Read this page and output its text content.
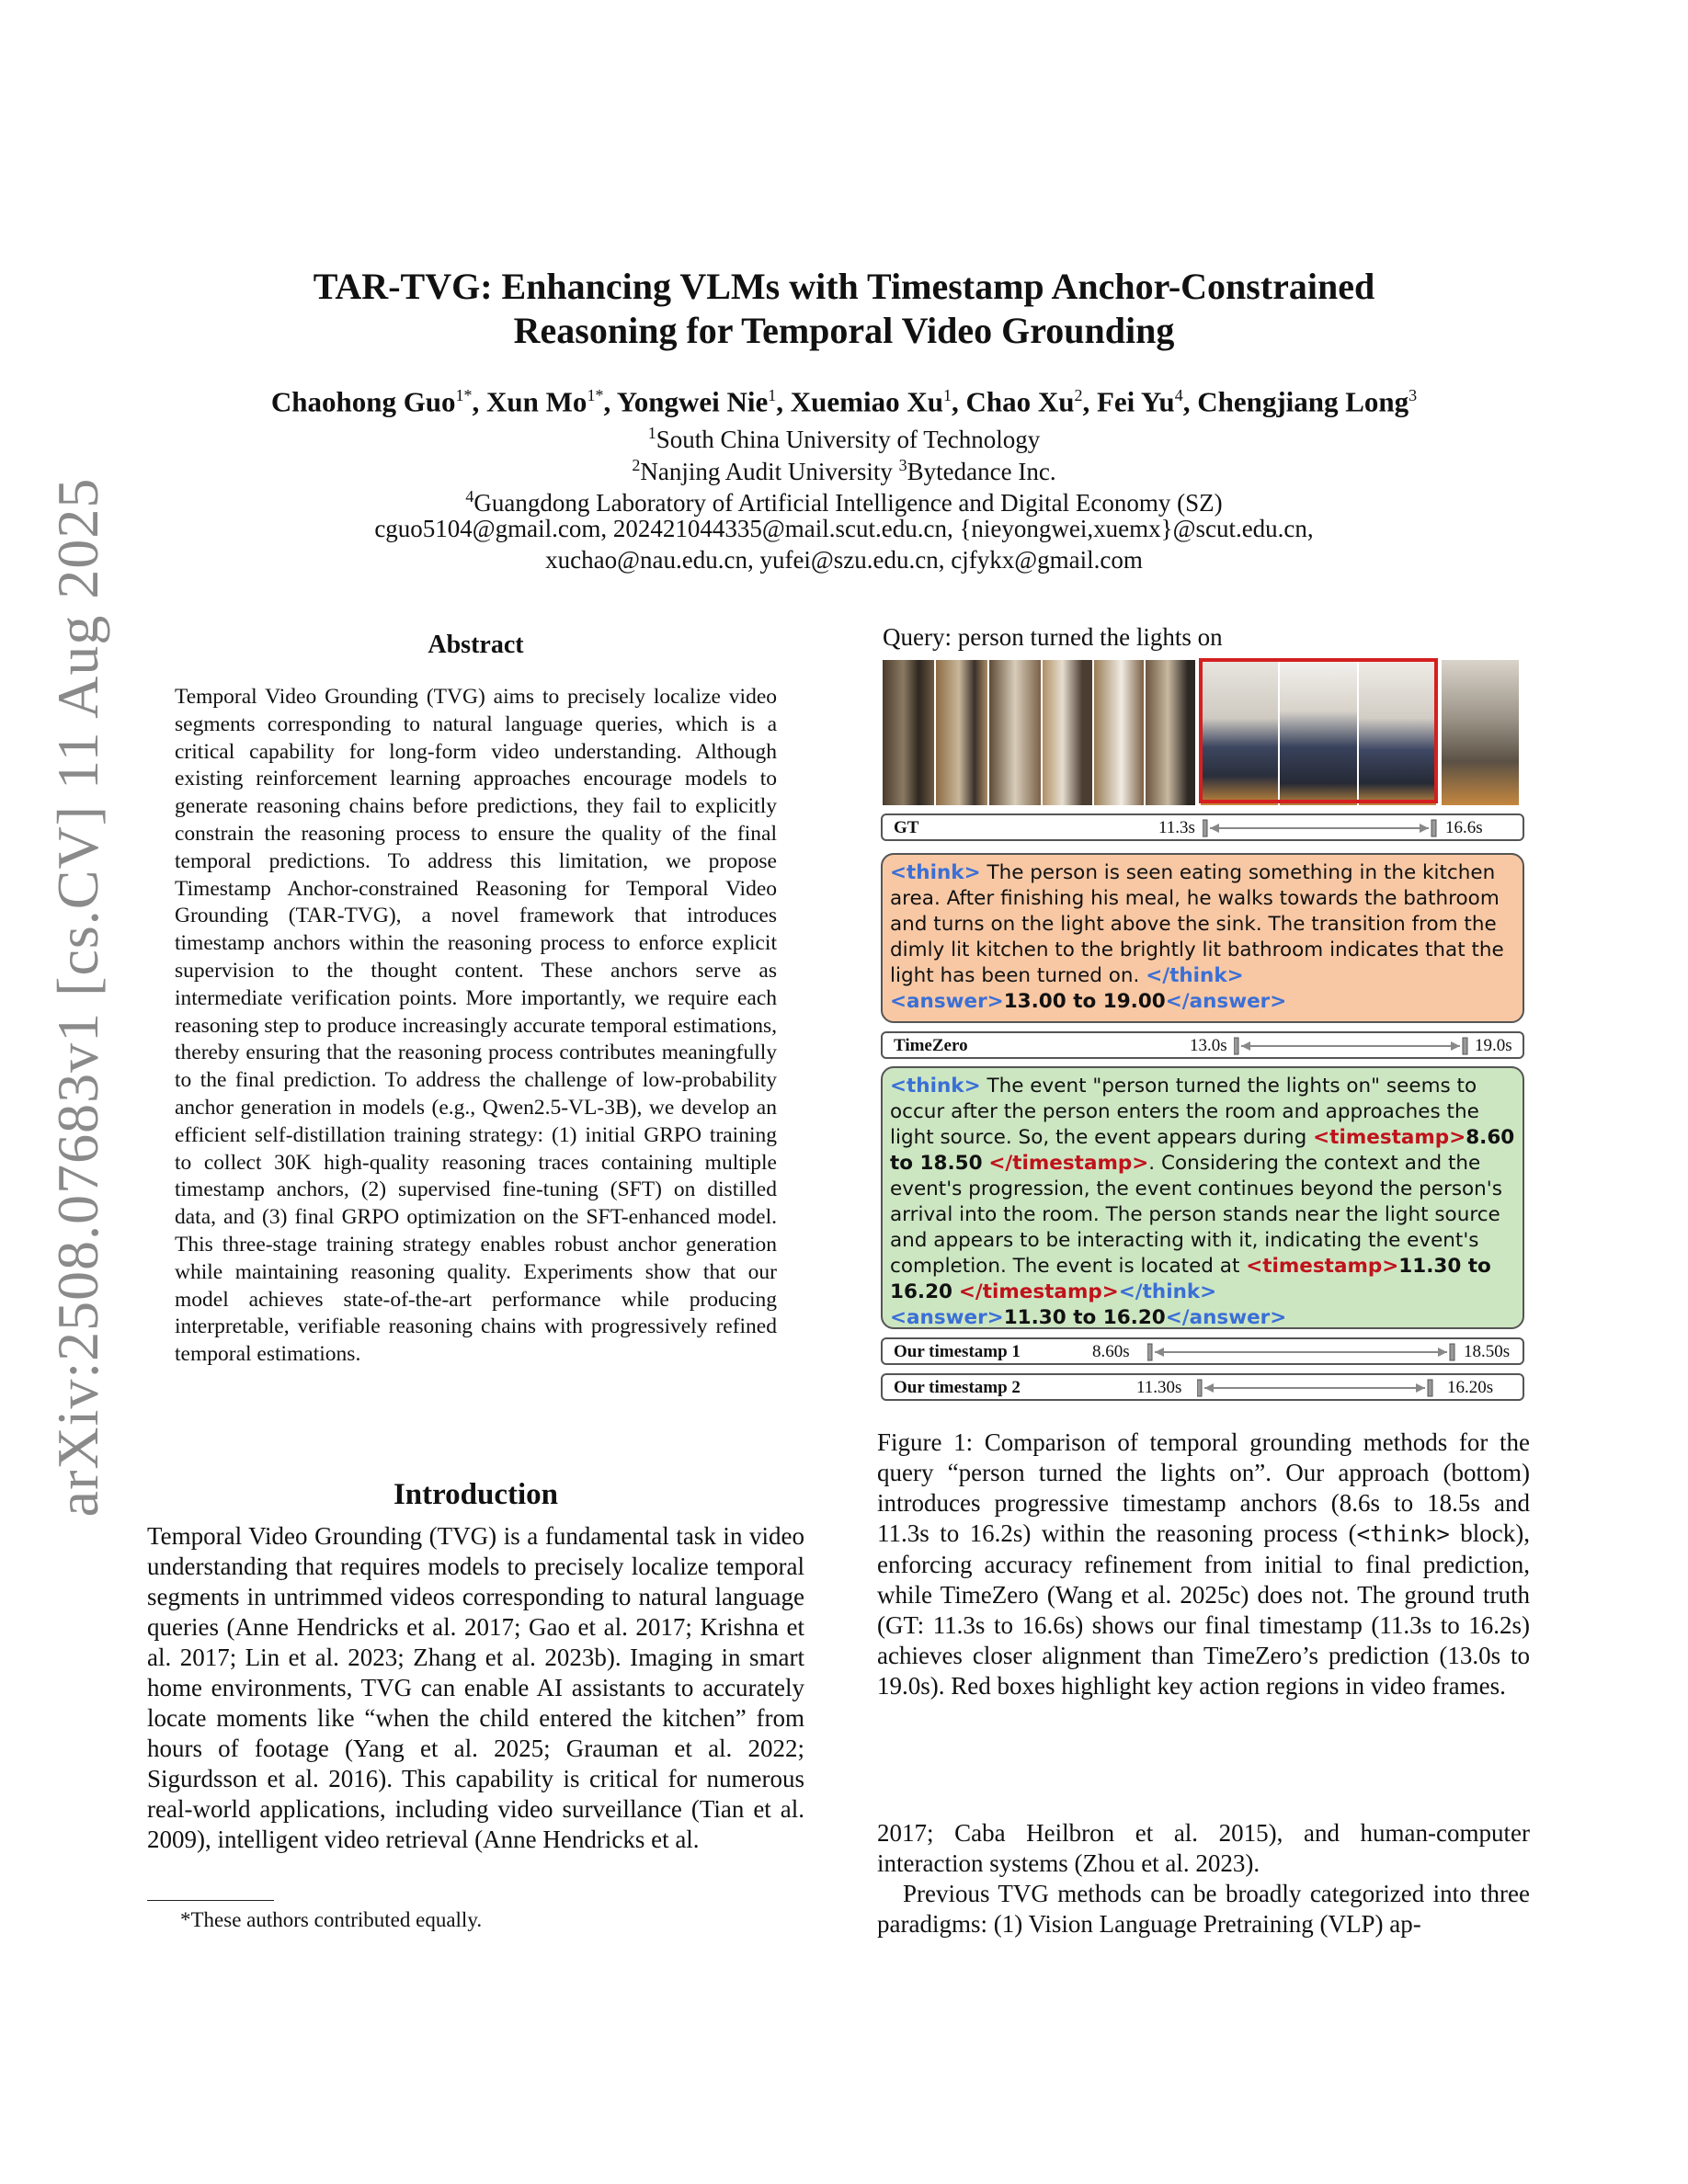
arXiv:2508.07683v1 [cs.CV] 11 Aug 2025
TAR-TVG: Enhancing VLMs with Timestamp Anchor-Constrained
Reasoning for Temporal Video Grounding
Chaohong Guo$^{1*}$, Xun $Mo^{1*}$, Yongwei Nie$^1$, Xuemiao Xu$^1$, Chao Xu$^2$, Fei Yu$^4$, Chengjiang Long$^3$
$^1$South China University of Technology
$^2$Nanjing Audit University $^3$Bytedance Inc.
$^4$Guangdong Laboratory of Artificial Intelligence and Digital Economy (SZ)
cguo5104@gmail.com, 202421044335@mail.scut.edu.cn, {nieyongwei,xuemx}@scut.edu.cn,
xuchao@nau.edu.cn, yufei@szu.edu.cn, cjfykx@gmail.com
Abstract
Temporal Video Grounding (TVG) aims to precisely localize video segments corresponding to natural language queries, which is a critical capability for long-form video understanding. Although existing reinforcement learning approaches encourage models to generate reasoning chains before predictions, they fail to explicitly constrain the reasoning process to ensure the quality of the final temporal predictions. To address this limitation, we propose Timestamp Anchor-constrained Reasoning for Temporal Video Grounding (TAR-TVG), a novel framework that introduces timestamp anchors within the reasoning process to enforce explicit supervision to the thought content. These anchors serve as intermediate verification points. More importantly, we require each reasoning step to produce increasingly accurate temporal estimations, thereby ensuring that the reasoning process contributes meaningfully to the final prediction. To address the challenge of low-probability anchor generation in models (e.g., Qwen2.5-VL-3B), we develop an efficient self-distillation training strategy: (1) initial GRPO training to collect 30K high-quality reasoning traces containing multiple timestamp anchors, (2) supervised fine-tuning (SFT) on distilled data, and (3) final GRPO optimization on the SFT-enhanced model. This three-stage training strategy enables robust anchor generation while maintaining reasoning quality. Experiments show that our model achieves state-of-the-art performance while producing interpretable, verifiable reasoning chains with progressively refined temporal estimations.
Introduction
Temporal Video Grounding (TVG) is a fundamental task in video understanding that requires models to precisely localize temporal segments in untrimmed videos corresponding to natural language queries (Anne Hendricks et al. 2017; Gao et al. 2017; Krishna et al. 2017; Lin et al. 2023; Zhang et al. 2023b). Imaging in smart home environments, TVG can enable AI assistants to accurately locate moments like “when the child entered the kitchen” from hours of footage (Yang et al. 2025; Grauman et al. 2022; Sigurdsson et al. 2016). This capability is critical for numerous real-world applications, including video surveillance (Tian et al. 2009), intelligent video retrieval (Anne Hendricks et al.
*These authors contributed equally.
Query: person turned the lights on
GT	11.3s	16.6s
<think> The person is seen eating something in the kitchen area. After finishing his meal, he walks towards the bathroom and turns on the light above the sink. The transition from the dimly lit kitchen to the brightly lit bathroom indicates that the light has been turned on. </think>
<answer>13.00 to 19.00</answer>
TimeZero	13.0s	19.0s
<think> The event "person turned the lights on" seems to occur after the person enters the room and approaches the light source. So, the event appears during <timestamp>8.60 to 18.50 </timestamp>. Considering the context and the event's progression, the event continues beyond the person's arrival into the room. The person stands near the light source and appears to be interacting with it, indicating the event's completion. The event is located at <timestamp>11.30 to 16.20 </timestamp></think>
<answer>11.30 to 16.20</answer>
Our timestamp 1	8.60s	18.50s
Our timestamp 2	11.30s	16.20s
Figure 1: Comparison of temporal grounding methods for the query “person turned the lights on”. Our approach (bottom) introduces progressive timestamp anchors (8.6s to 18.5s and 11.3s to 16.2s) within the reasoning process (<think> block), enforcing accuracy refinement from initial to final prediction, while TimeZero (Wang et al. 2025c) does not. The ground truth (GT: 11.3s to 16.6s) shows our final timestamp (11.3s to 16.2s) achieves closer alignment than TimeZero’s prediction (13.0s to 19.0s). Red boxes highlight key action regions in video frames.
2017; Caba Heilbron et al. 2015), and human-computer interaction systems (Zhou et al. 2023).
Previous TVG methods can be broadly categorized into three paradigms: (1) Vision Language Pretraining (VLP) ap-
